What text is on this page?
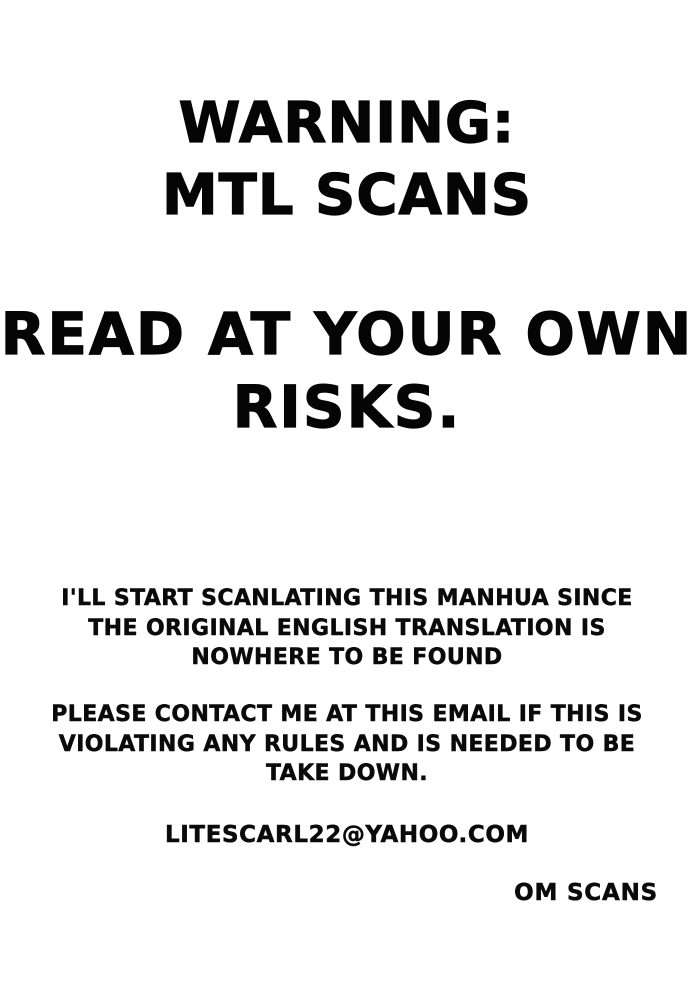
WARNING:
MTL SCANS
READ AT YOUR OWN
RISKS.
I'LL START SCANLATING THIS MANHUA SINCE THE ORIGINAL ENGLISH TRANSLATION IS NOWHERE TO BE FOUND
PLEASE CONTACT ME AT THIS EMAIL IF THIS IS VIOLATING ANY RULES AND IS NEEDED TO BE TAKE DOWN.
LITESCARL22@YAHOO.COM
OM SCANS
